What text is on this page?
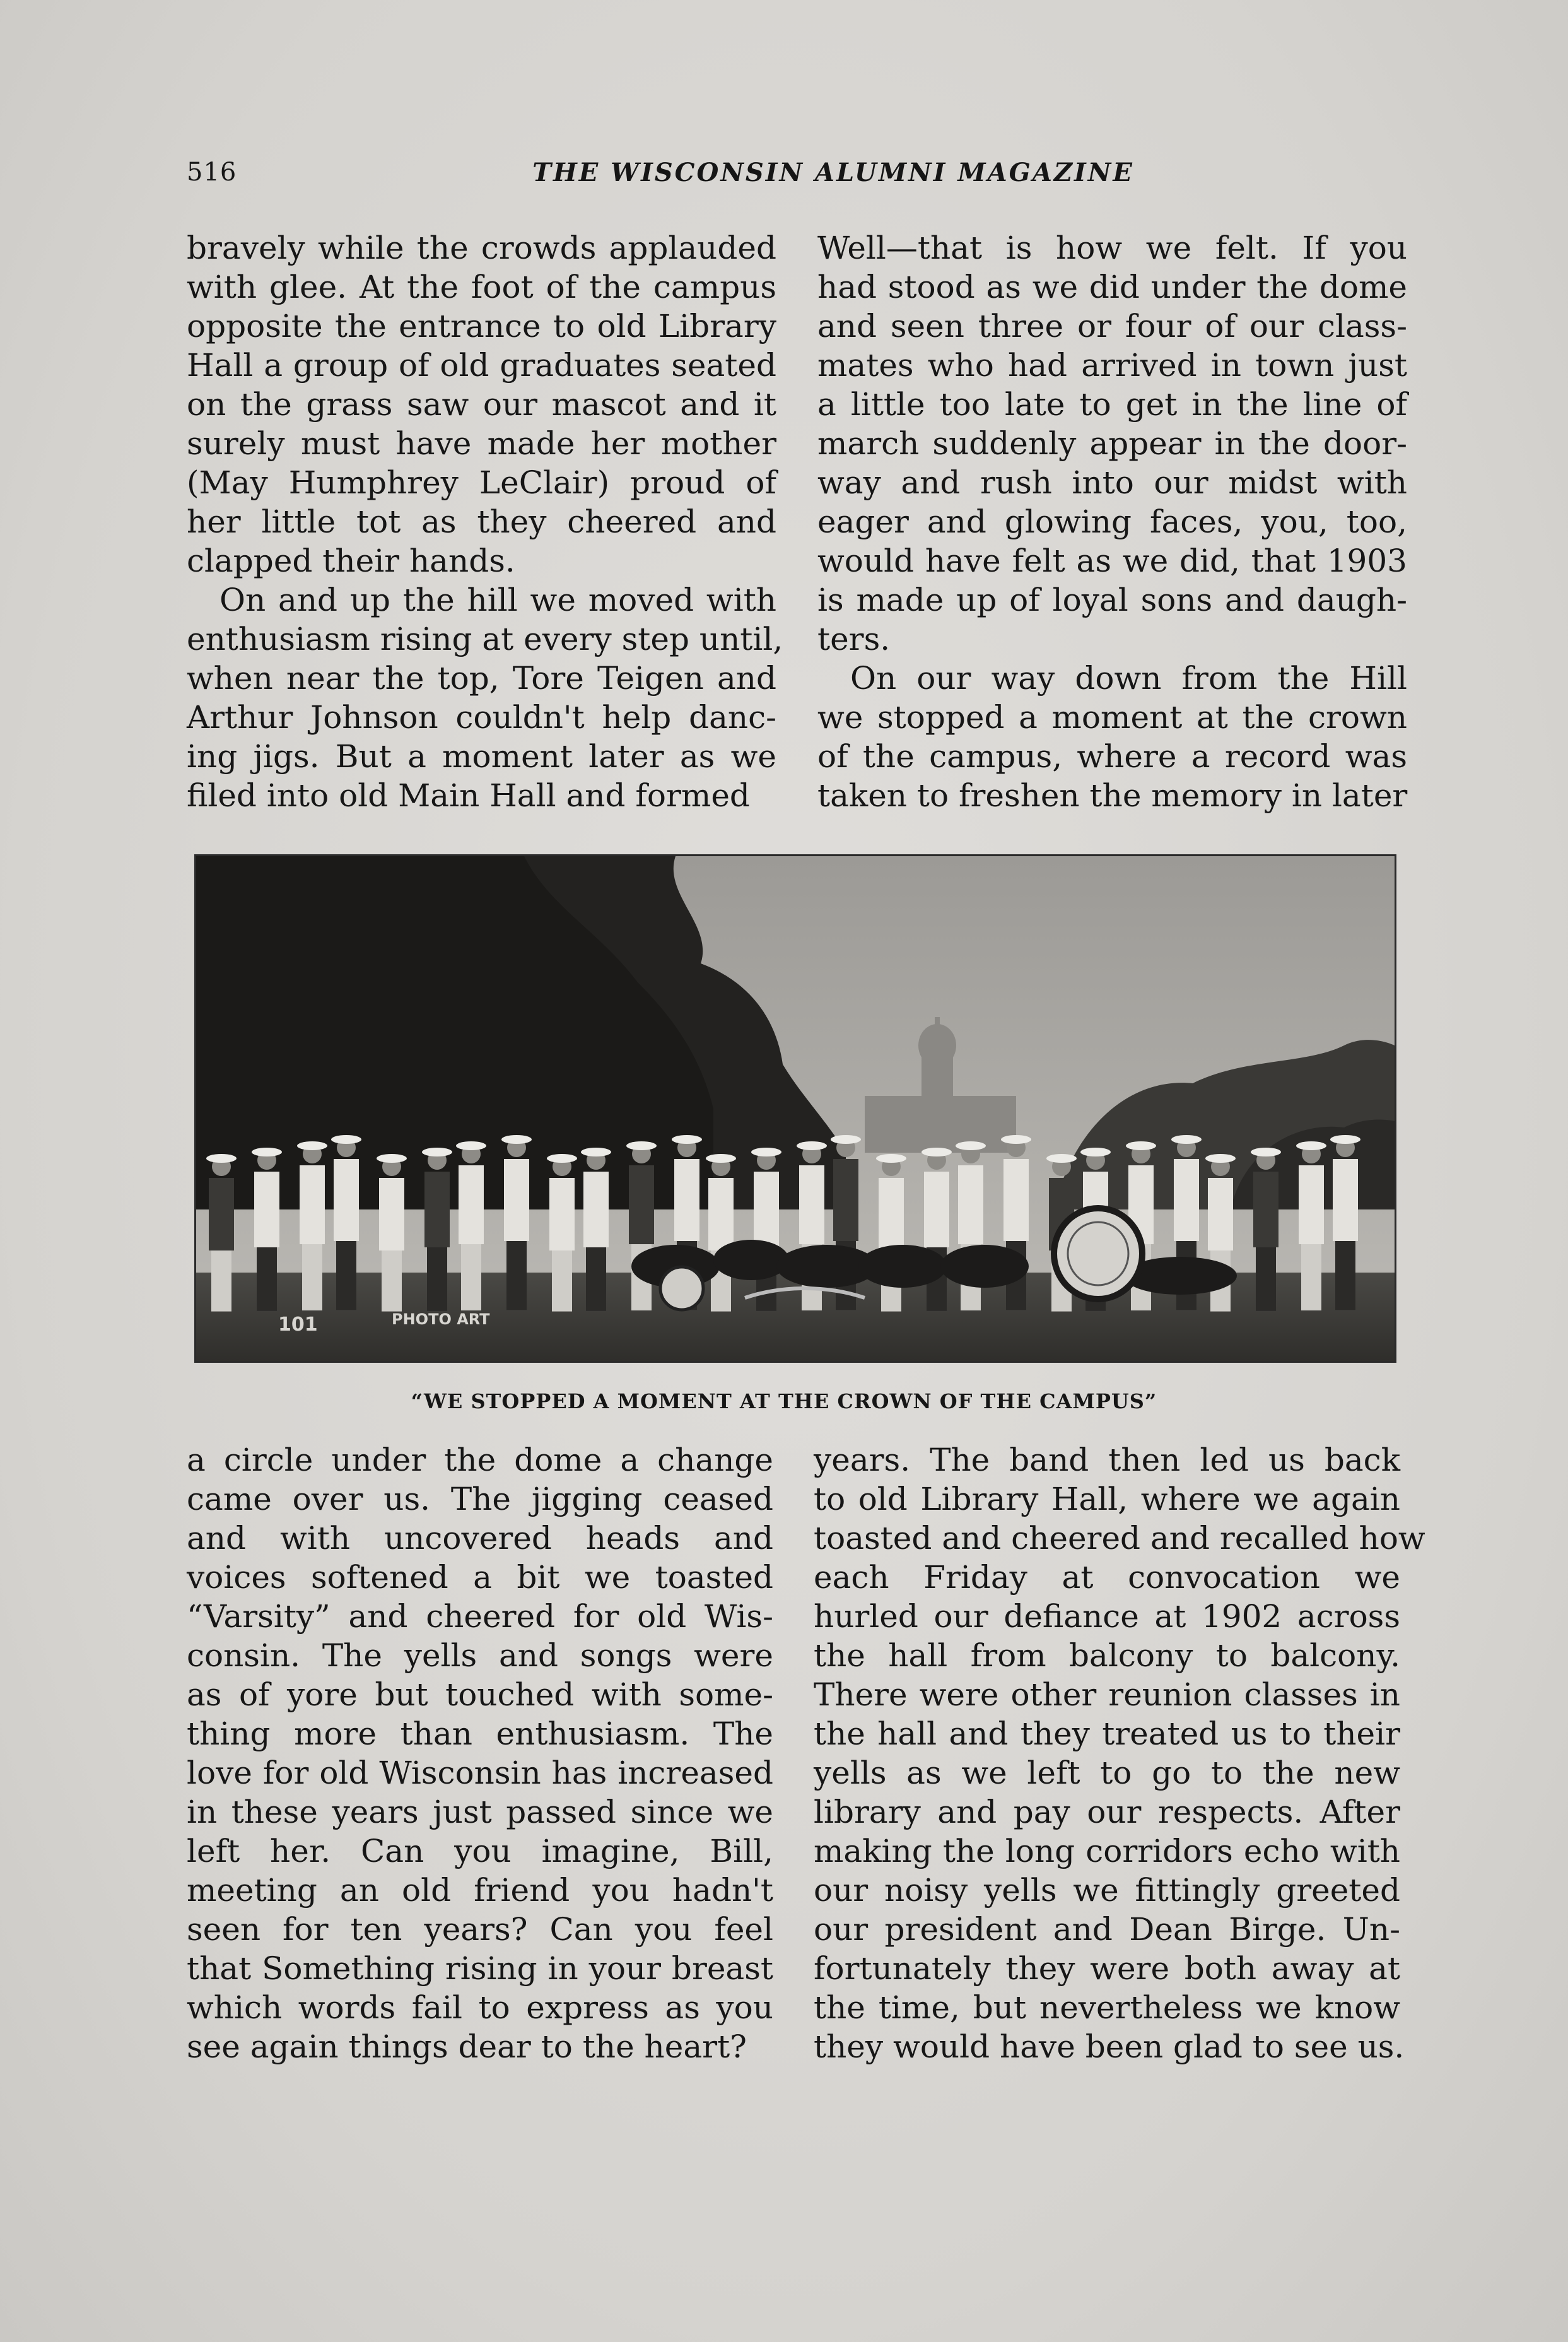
516	THE WISCONSIN ALUMNI MAGAZINE
bravely while the crowds applauded
with glee. At the foot of the campus
opposite the entrance to old Library
Hall a group of old graduates seated
on the grass saw our mascot and it
surely must have made her mother
(May Humphrey LeClair) proud of
her little tot as they cheered and
clapped their hands.
On and up the hill we moved with
enthusiasm rising at every step until,
when near the top, Tore Teigen and
Arthur Johnson couldn't help danc-
ing jigs. But a moment later as we
filed into old Main Hall and formed
Well—that is how we felt. If you
had stood as we did under the dome
and seen three or four of our class-
mates who had arrived in town just
a little too late to get in the line of
march suddenly appear in the door-
way and rush into our midst with
eager and glowing faces, you, too,
would have felt as we did, that 1903
is made up of loyal sons and daugh-
ters.
On our way down from the Hill
we stopped a moment at the crown
of the campus, where a record was
taken to freshen the memory in later
101	PHOTO ART
“WE STOPPED A MOMENT AT THE CROWN OF THE CAMPUS”
a circle under the dome a change
came over us. The jigging ceased
and with uncovered heads and
voices softened a bit we toasted
“Varsity” and cheered for old Wis-
consin. The yells and songs were
as of yore but touched with some-
thing more than enthusiasm. The
love for old Wisconsin has increased
in these years just passed since we
left her. Can you imagine, Bill,
meeting an old friend you hadn't
seen for ten years? Can you feel
that Something rising in your breast
which words fail to express as you
see again things dear to the heart?
years. The band then led us back
to old Library Hall, where we again
toasted and cheered and recalled how
each Friday at convocation we
hurled our defiance at 1902 across
the hall from balcony to balcony.
There were other reunion classes in
the hall and they treated us to their
yells as we left to go to the new
library and pay our respects. After
making the long corridors echo with
our noisy yells we fittingly greeted
our president and Dean Birge. Un-
fortunately they were both away at
the time, but nevertheless we know
they would have been glad to see us.
